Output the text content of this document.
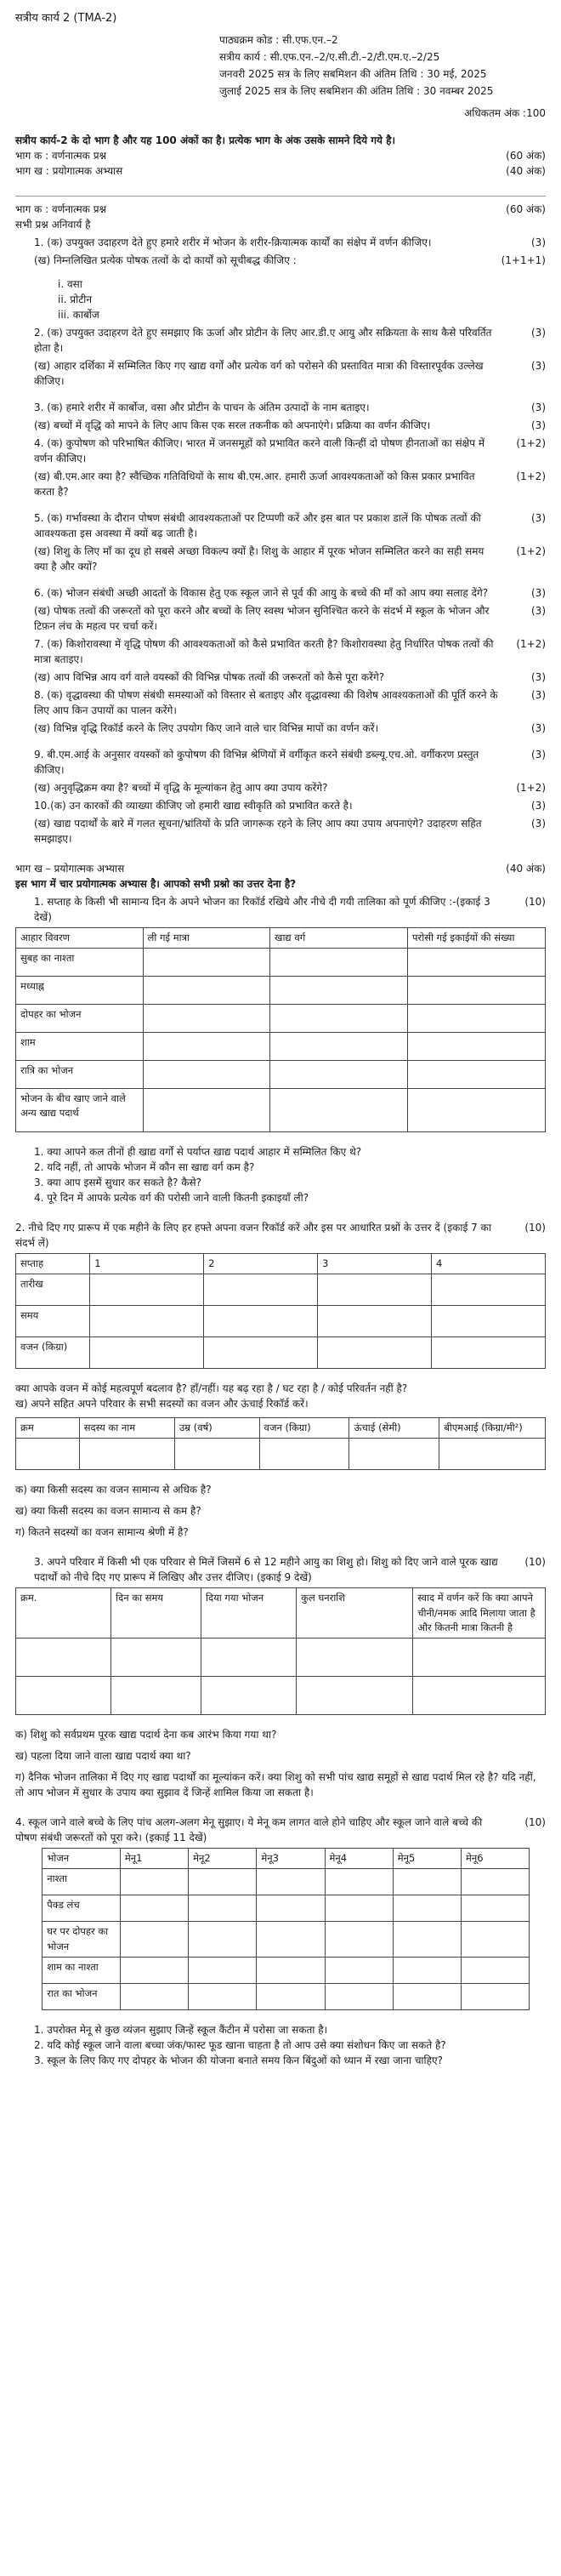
सत्रीय कार्य 2 (TMA-2)
पाठ्यक्रम कोड : सी.एफ.एन.–2
सत्रीय कार्य : सी.एफ.एन.–2/ए.सी.टी.–2/टी.एम.ए.–2/25
जनवरी 2025 सत्र के लिए सबमिशन की अंतिम तिथि : 30 मई, 2025
जुलाई 2025 सत्र के लिए सबमिशन की अंतिम तिथि : 30 नवम्बर 2025
अधिकतम अंक :100
सत्रीय कार्य-2 के दो भाग है और यह 100 अंकों का है। प्रत्येक भाग के अंक उसके सामने दिये गये है।
भाग क : वर्णनात्मक प्रश्न	(60 अंक)
भाग ख : प्रयोगात्मक अभ्यास	(40 अंक)
भाग क : वर्णनात्मक प्रश्न	(60 अंक)
सभी प्रश्न अनिवार्य है
1. (क) उपयुक्त उदाहरण देते हुए हमारे शरीर में भोजन के शरीर-क्रियात्मक कार्यों का संक्षेप में वर्णन कीजिए।	(3)
(ख) निम्नलिखित प्रत्येक पोषक तत्वों के दो कार्यों को सूचीबद्ध कीजिए :	(1+1+1)
i. वसा
ii. प्रोटीन
iii. कार्बोज
2. (क) उपयुक्त उदाहरण देते हुए समझाए कि ऊर्जा और प्रोटीन के लिए आर.डी.ए आयु और सक्रियता के साथ कैसे परिवर्तित होता है।
(3)
(ख) आहार दर्शिका में सम्मिलित किए गए खाद्य वर्गों और प्रत्येक वर्ग को परोसने की प्रस्तावित मात्रा की विस्तारपूर्वक उल्लेख कीजिए।
(3)
3. (क) हमारे शरीर में कार्बोज, वसा और प्रोटीन के पाचन के अंतिम उत्पादों के नाम बताइए।	(3)
(ख) बच्चों में वृद्धि को मापने के लिए आप किस एक सरल तकनीक को अपनाएंगे। प्रक्रिया का वर्णन कीजिए।	(3)
4. (क) कुपोषण को परिभाषित कीजिए। भारत में जनसमूहों को प्रभावित करने वाली किन्हीं दो पोषण हीनताओं का संक्षेप में वर्णन कीजिए।
(1+2)
(ख) बी.एम.आर क्या है? स्वैच्छिक गतिविधियों के साथ बी.एम.आर. हमारी ऊर्जा आवश्यकताओं को किस प्रकार प्रभावित करता है?
(1+2)
5. (क) गर्भावस्था के दौरान पोषण संबंधी आवश्यकताओं पर टिप्पणी करें और इस बात पर प्रकाश डालें कि पोषक तत्वों की आवश्यकता इस अवस्था में क्यों बढ़ जाती है।
(3)
(ख) शिशु के लिए माँ का दूध हो सबसे अच्छा विकल्प क्यों है। शिशु के आहार में पूरक भोजन सम्मिलित करने का सही समय क्या है और क्यों?
(1+2)
6. (क) भोजन संबंधी अच्छी आदतों के विकास हेतु एक स्कूल जाने से पूर्व की आयु के बच्चे की माँ को आप क्या सलाह देंगे?	(3)
(ख) पोषक तत्वों की जरूरतों को पूरा करने और बच्चों के लिए स्वस्थ भोजन सुनिश्चित करने के संदर्भ में स्कूल के भोजन और टिफ़न लंच के महत्व पर चर्चा करें।
(3)
7. (क) किशोरावस्था में वृद्धि पोषण की आवश्यकताओं को कैसे प्रभावित करती है? किशोरावस्था हेतु निर्धारित पोषक तत्वों की मात्रा बताइए।
(1+2)
(ख) आप विभिन्न आय वर्ग वाले वयस्कों की विभिन्न पोषक तत्वों की जरूरतों को कैसे पूरा करेंगे?	(3)
8. (क) वृद्धावस्था की पोषण संबंधी समस्याओं को विस्तार से बताइए और वृद्धावस्था की विशेष आवश्यकताओं की पूर्ति करने के लिए आप किन उपायों का पालन करेंगे।
(3)
(ख) विभिन्न वृद्धि रिकॉर्ड करने के लिए उपयोग किए जाने वाले चार विभिन्न मापों का वर्णन करें।	(3)
9. बी.एम.आई के अनुसार वयस्कों को कुपोषण की विभिन्न श्रेणियों में वर्गीकृत करने संबंधी डब्ल्यू.एच.ओ. वर्गीकरण प्रस्तुत कीजिए।
(3)
(ख) अनुवृद्धिक्रम क्या है? बच्चों में वृद्धि के मूल्यांकन हेतु आप क्या उपाय करेंगे?	(1+2)
10.(क) उन कारकों की व्याख्या कीजिए जो हमारी खाद्य स्वीकृति को प्रभावित करते है।	(3)
(ख) खाद्य पदार्थों के बारे में गलत सूचना/भ्रांतियों के प्रति जागरूक रहने के लिए आप क्या उपाय अपनाएंगे? उदाहरण सहित समझाइए।
(3)
भाग ख – प्रयोगात्मक अभ्यास	(40 अंक)
इस भाग में चार प्रयोगात्मक अभ्यास है। आपको सभी प्रश्नो का उत्तर देना है?
1. सप्ताह के किसी भी सामान्य दिन के अपने भोजन का रिकॉर्ड रखिये और नीचे दी गयी तालिका को पूर्ण कीजिए :-(इकाई 3 देखें)
(10)
आहार विवरण	ली गई मात्रा	खाद्य वर्ग	परोसी गई इकाईयों की संख्या
सुबह का नाश्ता			
मध्याह्न			
दोपहर का भोजन			
शाम			
रात्रि का भोजन			
भोजन के बीच खाए जाने वाले अन्य खाद्य पदार्थ			
1. क्या आपने कल तीनों ही खाद्य वर्गों से पर्याप्त खाद्य पदार्थ आहार में सम्मिलित किए थे?
2. यदि नहीं, तो आपके भोजन में कौन सा खाद्य वर्ग कम है?
3. क्या आप इसमें सुधार कर सकते है? कैसे?
4. पूरे दिन में आपके प्रत्येक वर्ग की परोसी जाने वाली कितनी इकाइयाँ ली?
2. नीचे दिए गए प्रारूप में एक महीने के लिए हर हफ्ते अपना वजन रिकॉर्ड करें और इस पर आधारित प्रश्नों के उत्तर दें (इकाई 7 का संदर्भ लें)
(10)
सप्ताह	1	2	3	4
तारीख				
समय				
वजन (किग्रा)				
क्या आपके वजन में कोई महत्वपूर्ण बदलाव है? हाँ/नहीं। यह बढ़ रहा है / घट रहा है / कोई परिवर्तन नहीं है?
ख) अपने सहित अपने परिवार के सभी सदस्यों का वजन और ऊंचाई रिकॉर्ड करें।
क्रम	सदस्य का नाम	उम्र (वर्ष)	वजन (किग्रा)	ऊंचाई (सेमी)	बीएमआई (किग्रा/मी²)

क) क्या किसी सदस्य का वजन सामान्य से अधिक है?
ख) क्या किसी सदस्य का वजन सामान्य से कम है?
ग) कितने सदस्यों का वजन सामान्य श्रेणी में है?
3. अपने परिवार में किसी भी एक परिवार से मिलें जिसमें 6 से 12 महीने आयु का शिशु हो। शिशु को दिए जाने वाले पूरक खाद्य पदार्थों को नीचे दिए गए प्रारूप में लिखिए और उत्तर दीजिए। (इकाई 9 देखें)
(10)
क्रम.	दिन का समय	दिया गया भोजन	कुल घनराशि	स्वाद में वर्णन करें कि क्या आपने चीनी/नमक आदि मिलाया जाता है और कितनी मात्रा कितनी है

क) शिशु को सर्वप्रथम पूरक खाद्य पदार्थ देना कब आरंभ किया गया था?
ख) पहला दिया जाने वाला खाद्य पदार्थ क्या था?
ग) दैनिक भोजन तालिका में दिए गए खाद्य पदार्थों का मूल्यांकन करें। क्या शिशु को सभी पांच खाद्य समूहों से खाद्य पदार्थ मिल रहे है? यदि नहीं, तो आप भोजन में सुधार के उपाय क्या सुझाव दें जिन्हें शामिल किया जा सकता है।
4. स्कूल जाने वाले बच्चे के लिए पांच अलग-अलग मेनू सुझाए। ये मेनू कम लागत वाले होने चाहिए और स्कूल जाने वाले बच्चे की पोषण संबंधी जरूरतों को पूरा करे। (इकाई 11 देखें)
(10)
भोजन	मेनू1	मेनू2	मेनू3	मेनू4	मेनू5	मेनू6
नाश्ता						
पैक्ड लंच						
घर पर दोपहर का भोजन						
शाम का नाश्ता						
रात का भोजन						
1. उपरोक्त मेनू से कुछ व्यंजन सुझाए जिन्हें स्कूल कैंटीन में परोसा जा सकता है।
2. यदि कोई स्कूल जाने वाला बच्चा जंक/फास्ट फूड खाना चाहता है तो आप उसे क्या संशोधन किए जा सकते है?
3. स्कूल के लिए किए गए दोपहर के भोजन की योजना बनाते समय किन बिंदुओं को ध्यान में रखा जाना चाहिए?
